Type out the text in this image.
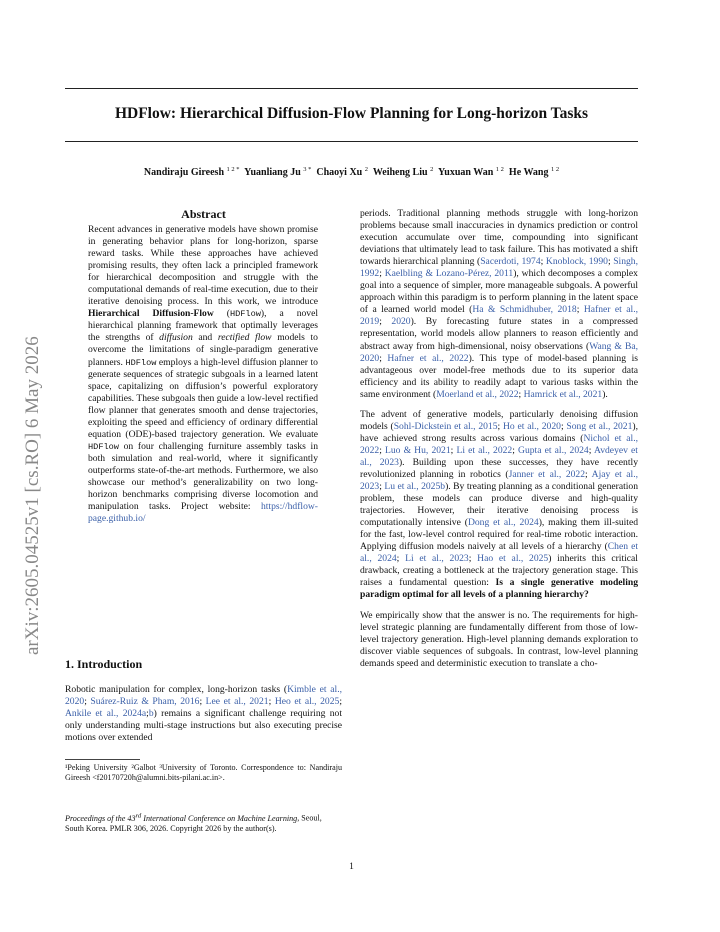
HDFlow: Hierarchical Diffusion-Flow Planning for Long-horizon Tasks
Nandiraju Gireesh $^{1 2 *}$ Yuanliang Ju $^{3 *}$ Chaoyi Xu $^2$ Weiheng Liu $^2$ Yuxuan Wan $^{1 2}$ He Wang $^{1 2}$
arXiv:2605.04525v1 [cs.RO] 6 May 2026
Abstract

Recent advances in generative models have shown promise in generating behavior plans for long-horizon, sparse reward tasks. While these approaches have achieved promising results, they often lack a principled framework for hierarchical decomposition and struggle with the computational demands of real-time execution, due to their iterative denoising process. In this work, we introduce Hierarchical Diffusion-Flow (HDFlow), a novel hierarchical planning framework that optimally leverages the strengths of diffusion and rectified flow models to overcome the limitations of single-paradigm generative planners. HDFlow employs a high-level diffusion planner to generate sequences of strategic subgoals in a learned latent space, capitalizing on diffusion’s powerful exploratory capabilities. These subgoals then guide a low-level rectified flow planner that generates smooth and dense trajectories, exploiting the speed and efficiency of ordinary differential equation (ODE)-based trajectory generation. We evaluate HDFlow on four challenging furniture assembly tasks in both simulation and real-world, where it significantly outperforms state-of-the-art methods. Furthermore, we also showcase our method’s generalizability on two long-horizon benchmarks comprising diverse locomotion and manipulation tasks. Project website: https://hdflow-page.github.io/

1. Introduction

Robotic manipulation for complex, long-horizon tasks (Kimble et al., 2020; Suárez-Ruiz & Pham, 2016; Lee et al., 2021; Heo et al., 2025; Ankile et al., 2024a;b) remains a significant challenge requiring not only understanding multi-stage instructions but also executing precise motions over extended

¹Peking University ²Galbot ³University of Toronto. Correspondence to: Nandiraju Gireesh <f20170720h@alumni.bits-pilani.ac.in>.
Proceedings of the 43rd International Conference on Machine Learning, Seoul, South Korea. PMLR 306, 2026. Copyright 2026 by the author(s).

periods. Traditional planning methods struggle with long-horizon problems because small inaccuracies in dynamics prediction or control execution accumulate over time, compounding into significant deviations that ultimately lead to task failure. This has motivated a shift towards hierarchical planning (Sacerdoti, 1974; Knoblock, 1990; Singh, 1992; Kaelbling & Lozano-Pérez, 2011), which decomposes a complex goal into a sequence of simpler, more manageable subgoals. A powerful approach within this paradigm is to perform planning in the latent space of a learned world model (Ha & Schmidhuber, 2018; Hafner et al., 2019; 2020). By forecasting future states in a compressed representation, world models allow planners to reason efficiently and abstract away from high-dimensional, noisy observations (Wang & Ba, 2020; Hafner et al., 2022). This type of model-based planning is advantageous over model-free methods due to its superior data efficiency and its ability to readily adapt to various tasks within the same environment (Moerland et al., 2022; Hamrick et al., 2021).

The advent of generative models, particularly denoising diffusion models (Sohl-Dickstein et al., 2015; Ho et al., 2020; Song et al., 2021), have achieved strong results across various domains (Nichol et al., 2022; Luo & Hu, 2021; Li et al., 2022; Gupta et al., 2024; Avdeyev et al., 2023). Building upon these successes, they have recently revolutionized planning in robotics (Janner et al., 2022; Ajay et al., 2023; Lu et al., 2025b). By treating planning as a conditional generation problem, these models can produce diverse and high-quality trajectories. However, their iterative denoising process is computationally intensive (Dong et al., 2024), making them ill-suited for the fast, low-level control required for real-time robotic interaction. Applying diffusion models naively at all levels of a hierarchy (Chen et al., 2024; Li et al., 2023; Hao et al., 2025) inherits this critical drawback, creating a bottleneck at the trajectory generation stage. This raises a fundamental question: Is a single generative modeling paradigm optimal for all levels of a planning hierarchy?

We empirically show that the answer is no. The requirements for high-level strategic planning are fundamentally different from those of low-level trajectory generation. High-level planning demands exploration to discover viable sequences of subgoals. In contrast, low-level planning demands speed and deterministic execution to translate a cho-

1
